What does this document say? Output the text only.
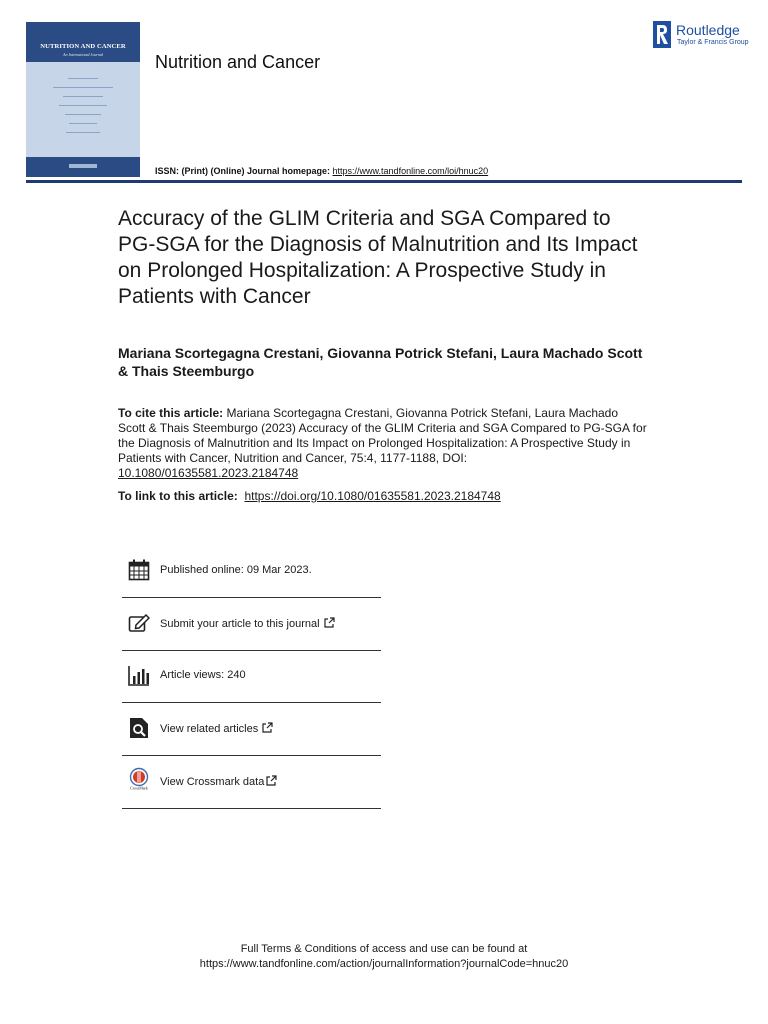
NUTRITION AND CANCER
An International Journal	Nutrition and Cancer
Routledge
Taylor & Francis Group
ISSN: (Print) (Online) Journal homepage: https://www.tandfonline.com/loi/hnuc20
Accuracy of the GLIM Criteria and SGA Compared to PG-SGA for the Diagnosis of Malnutrition and Its Impact on Prolonged Hospitalization: A Prospective Study in Patients with Cancer
Mariana Scortegagna Crestani, Giovanna Potrick Stefani, Laura Machado Scott & Thais Steemburgo
To cite this article: Mariana Scortegagna Crestani, Giovanna Potrick Stefani, Laura Machado Scott & Thais Steemburgo (2023) Accuracy of the GLIM Criteria and SGA Compared to PG-SGA for the Diagnosis of Malnutrition and Its Impact on Prolonged Hospitalization: A Prospective Study in Patients with Cancer, Nutrition and Cancer, 75:4, 1177-1188, DOI: 10.1080/01635581.2023.2184748
To link to this article: https://doi.org/10.1080/01635581.2023.2184748
Published online: 09 Mar 2023.
Submit your article to this journal
Article views: 240
View related articles
CrossMark View Crossmark data
Full Terms & Conditions of access and use can be found at
https://www.tandfonline.com/action/journalInformation?journalCode=hnuc20
